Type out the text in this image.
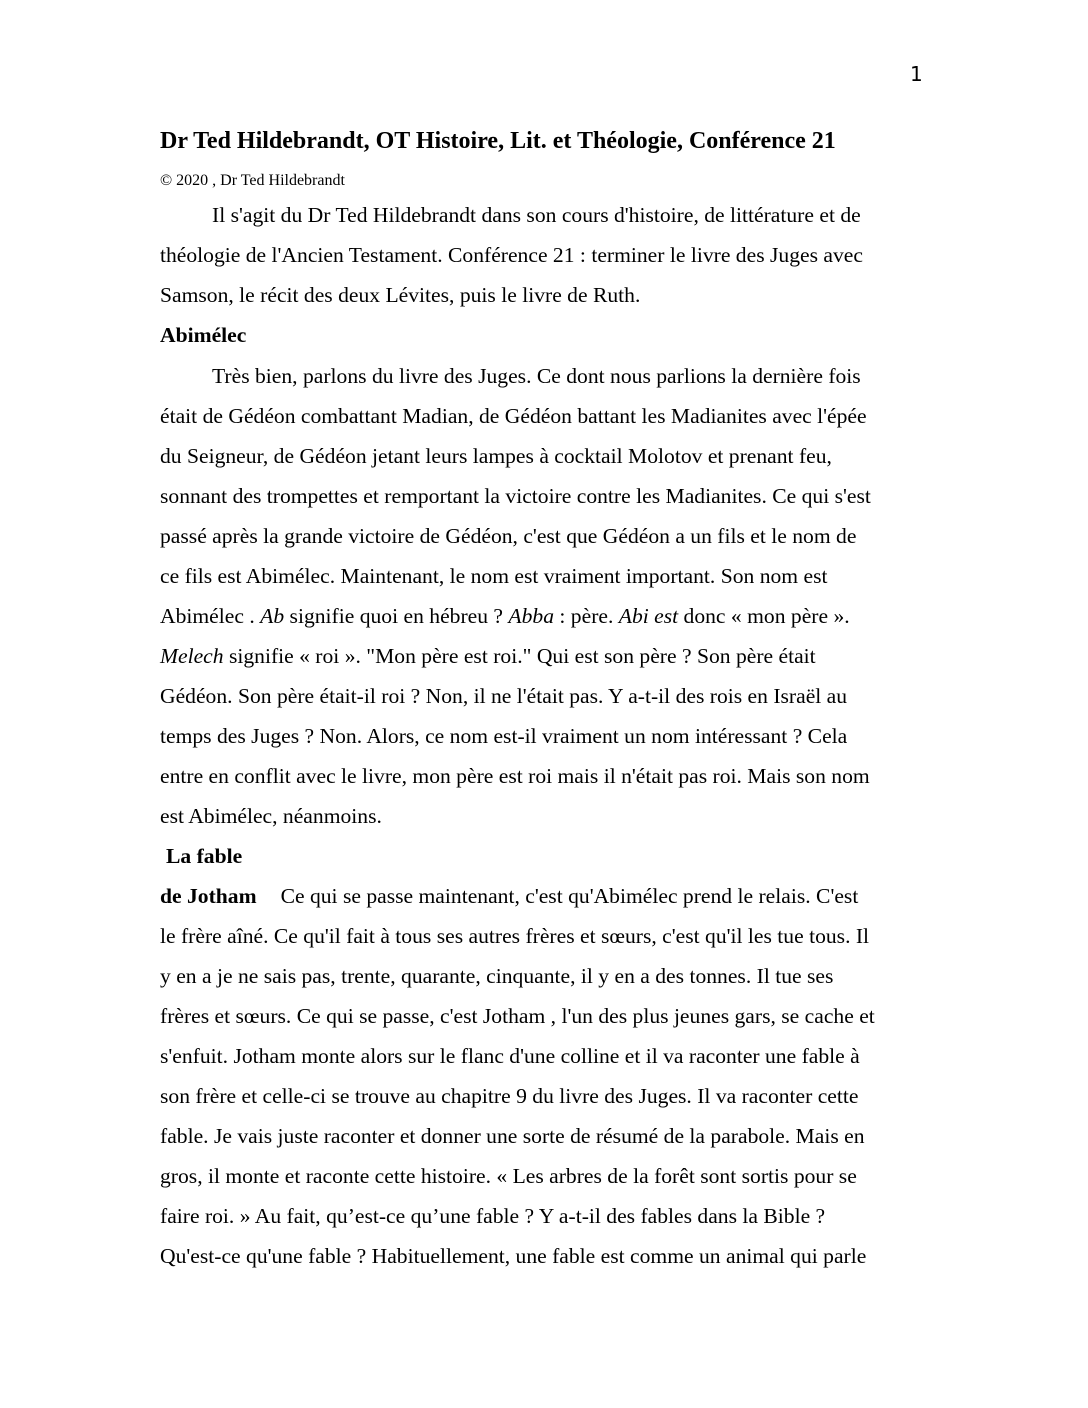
1
Dr Ted Hildebrandt, OT Histoire, Lit. et Théologie, Conférence 21
© 2020 , Dr Ted Hildebrandt
Il s'agit du Dr Ted Hildebrandt dans son cours d'histoire, de littérature et de
théologie de l'Ancien Testament. Conférence 21 : terminer le livre des Juges avec
Samson, le récit des deux Lévites, puis le livre de Ruth.
Abimélec
Très bien, parlons du livre des Juges. Ce dont nous parlions la dernière fois
était de Gédéon combattant Madian, de Gédéon battant les Madianites avec l'épée
du Seigneur, de Gédéon jetant leurs lampes à cocktail Molotov et prenant feu,
sonnant des trompettes et remportant la victoire contre les Madianites. Ce qui s'est
passé après la grande victoire de Gédéon, c'est que Gédéon a un fils et le nom de
ce fils est Abimélec. Maintenant, le nom est vraiment important. Son nom est
Abimélec . Ab signifie quoi en hébreu ? Abba : père. Abi est donc « mon père ».
Melech signifie « roi ». "Mon père est roi." Qui est son père ? Son père était
Gédéon. Son père était-il roi ? Non, il ne l'était pas. Y a-t-il des rois en Israël au
temps des Juges ? Non. Alors, ce nom est-il vraiment un nom intéressant ? Cela
entre en conflit avec le livre, mon père est roi mais il n'était pas roi. Mais son nom
est Abimélec, néanmoins.
La fable
de Jotham Ce qui se passe maintenant, c'est qu'Abimélec prend le relais. C'est
le frère aîné. Ce qu'il fait à tous ses autres frères et sœurs, c'est qu'il les tue tous. Il
y en a je ne sais pas, trente, quarante, cinquante, il y en a des tonnes. Il tue ses
frères et sœurs. Ce qui se passe, c'est Jotham , l'un des plus jeunes gars, se cache et
s'enfuit. Jotham monte alors sur le flanc d'une colline et il va raconter une fable à
son frère et celle-ci se trouve au chapitre 9 du livre des Juges. Il va raconter cette
fable. Je vais juste raconter et donner une sorte de résumé de la parabole. Mais en
gros, il monte et raconte cette histoire. « Les arbres de la forêt sont sortis pour se
faire roi. » Au fait, qu’est-ce qu’une fable ? Y a-t-il des fables dans la Bible ?
Qu'est-ce qu'une fable ? Habituellement, une fable est comme un animal qui parle
